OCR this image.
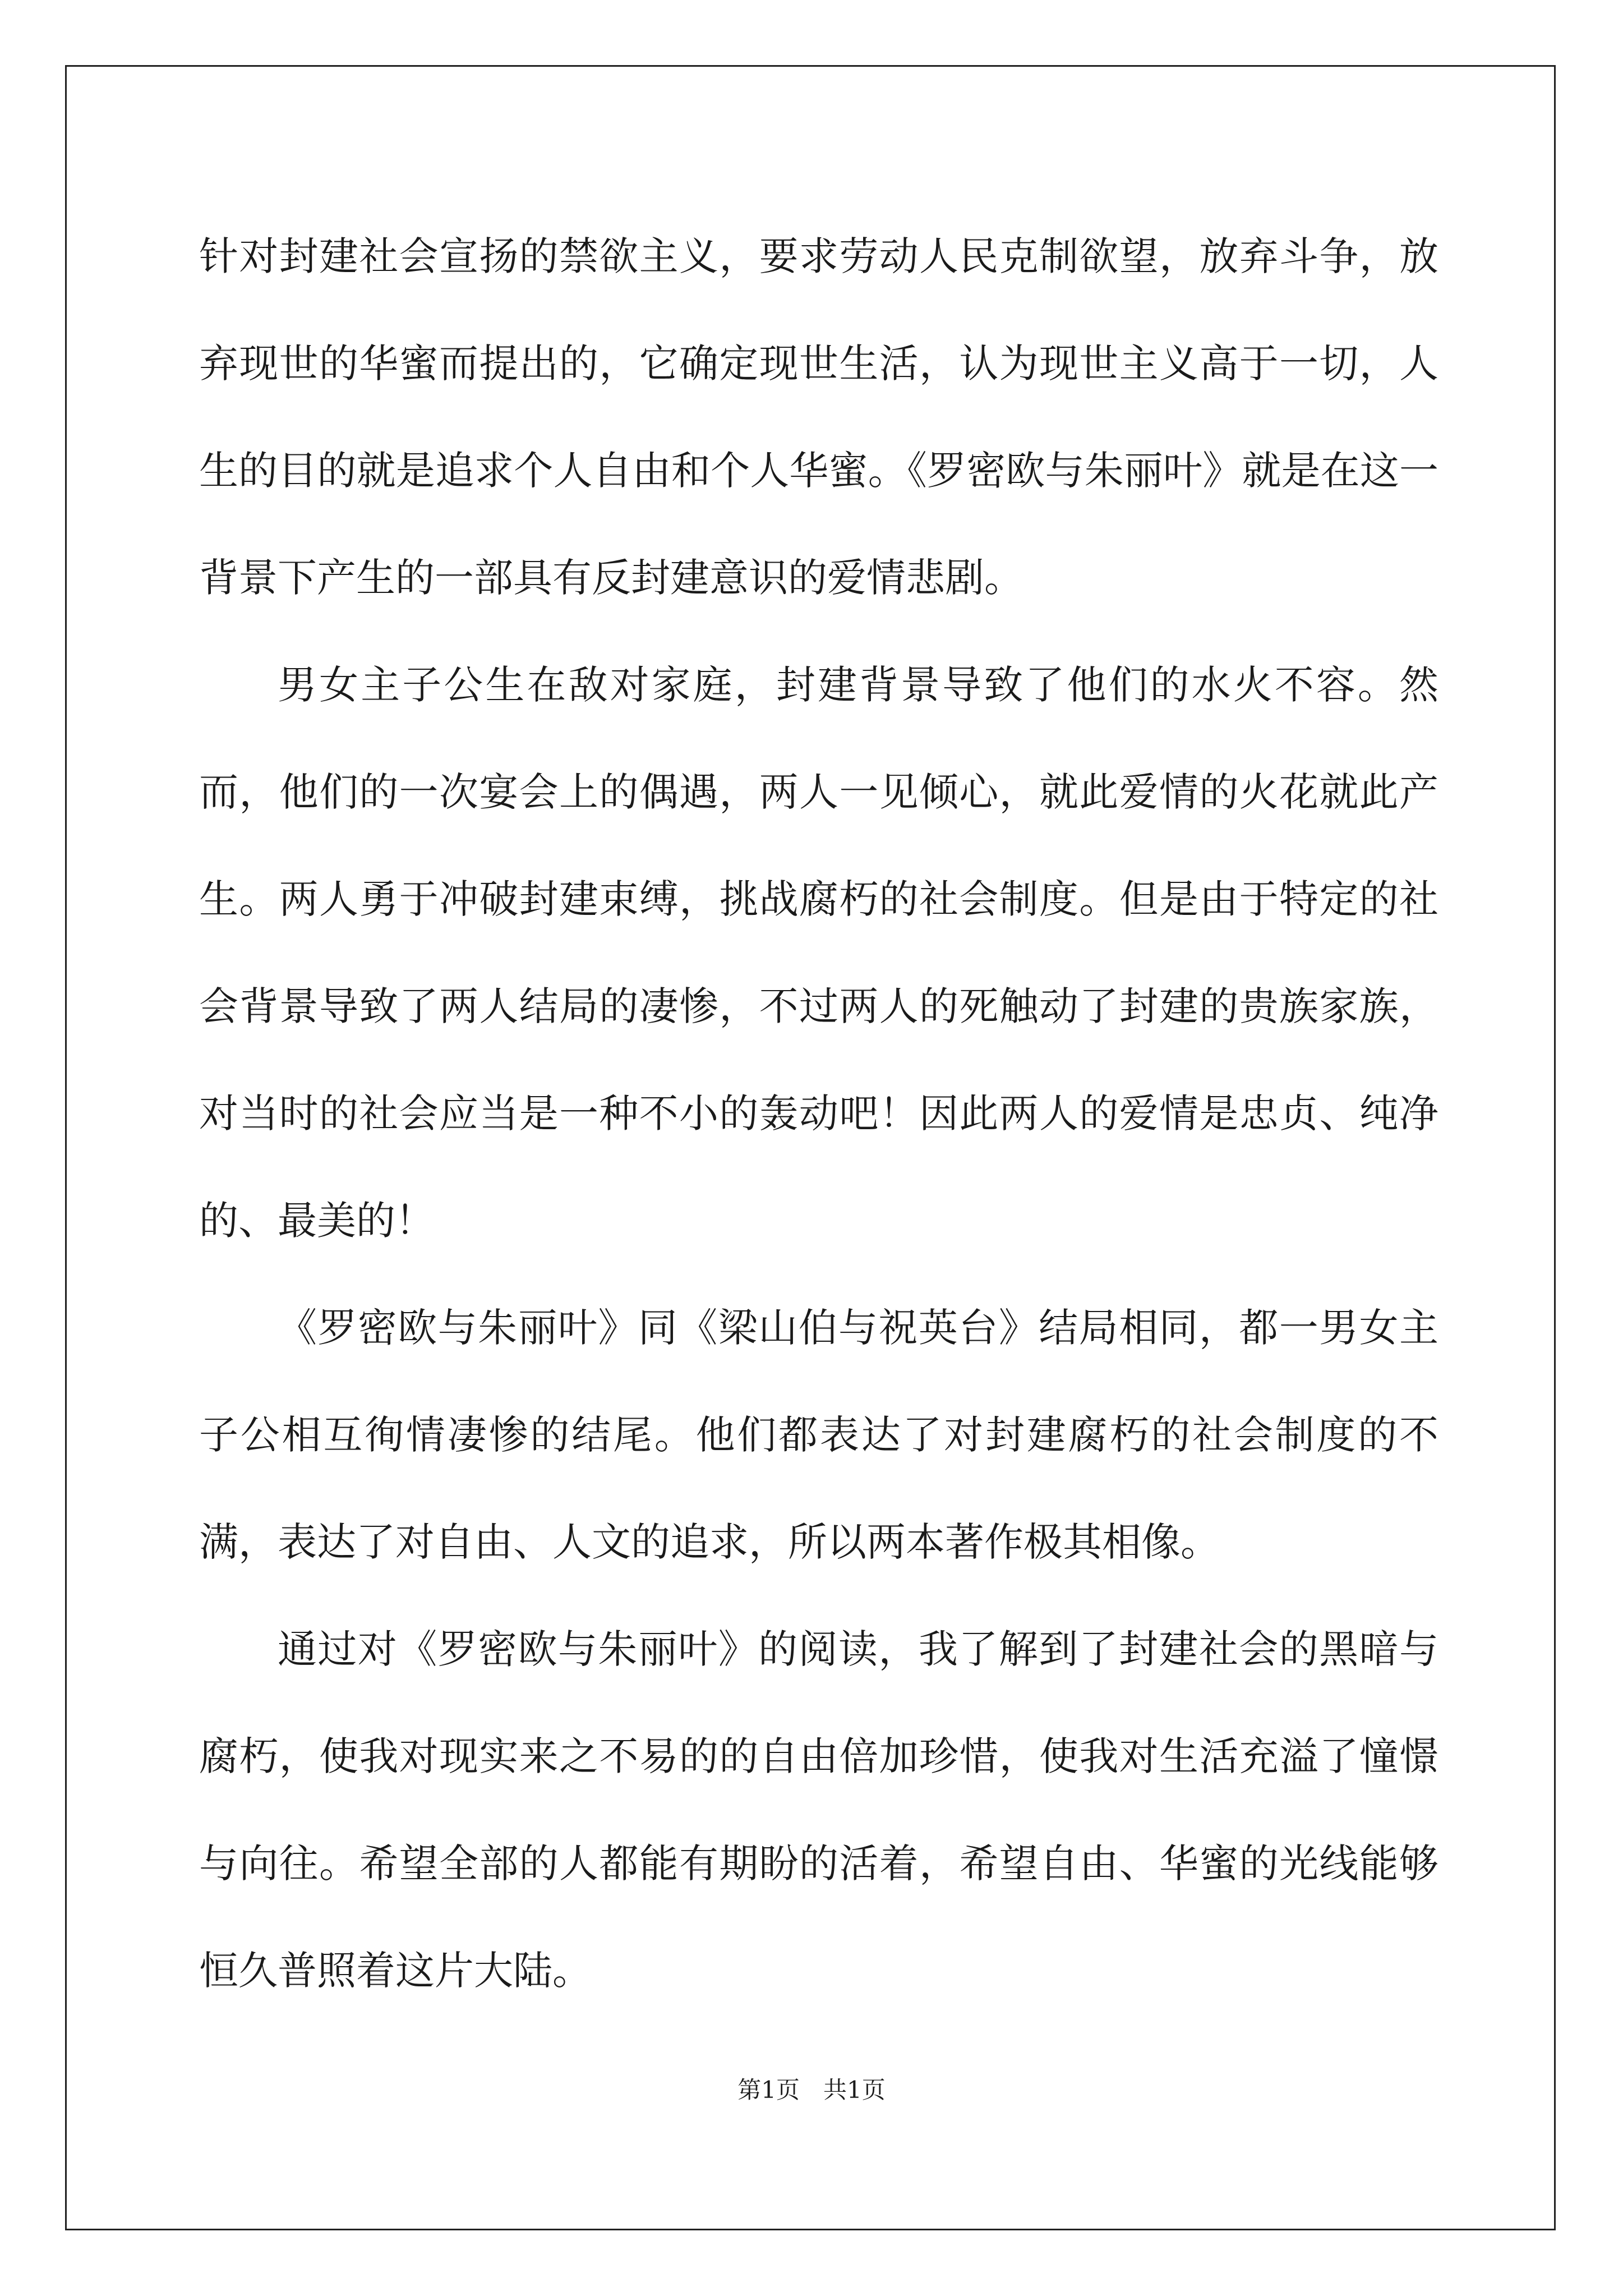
针对封建社会宣扬的禁欲主义，要求劳动人民克制欲望，放弃斗争，放弃现世的华蜜而提出的，它确定现世生活，认为现世主义高于一切，人生的目的就是追求个人自由和个人华蜜。《罗密欧与朱丽叶》就是在这一背景下产生的一部具有反封建意识的爱情悲剧。

男女主子公生在敌对家庭，封建背景导致了他们的水火不容。然而，他们的一次宴会上的偶遇，两人一见倾心，就此爱情的火花就此产生。两人勇于冲破封建束缚，挑战腐朽的社会制度。但是由于特定的社会背景导致了两人结局的凄惨，不过两人的死触动了封建的贵族家族，对当时的社会应当是一种不小的轰动吧！因此两人的爱情是忠贞、纯净的、最美的！

《罗密欧与朱丽叶》同《梁山伯与祝英台》结局相同，都一男女主子公相互徇情凄惨的结尾。他们都表达了对封建腐朽的社会制度的不满，表达了对自由、人文的追求，所以两本著作极其相像。

通过对《罗密欧与朱丽叶》的阅读，我了解到了封建社会的黑暗与腐朽，使我对现实来之不易的的自由倍加珍惜，使我对生活充溢了憧憬与向往。希望全部的人都能有期盼的活着，希望自由、华蜜的光线能够恒久普照着这片大陆。

第1页　共1页
